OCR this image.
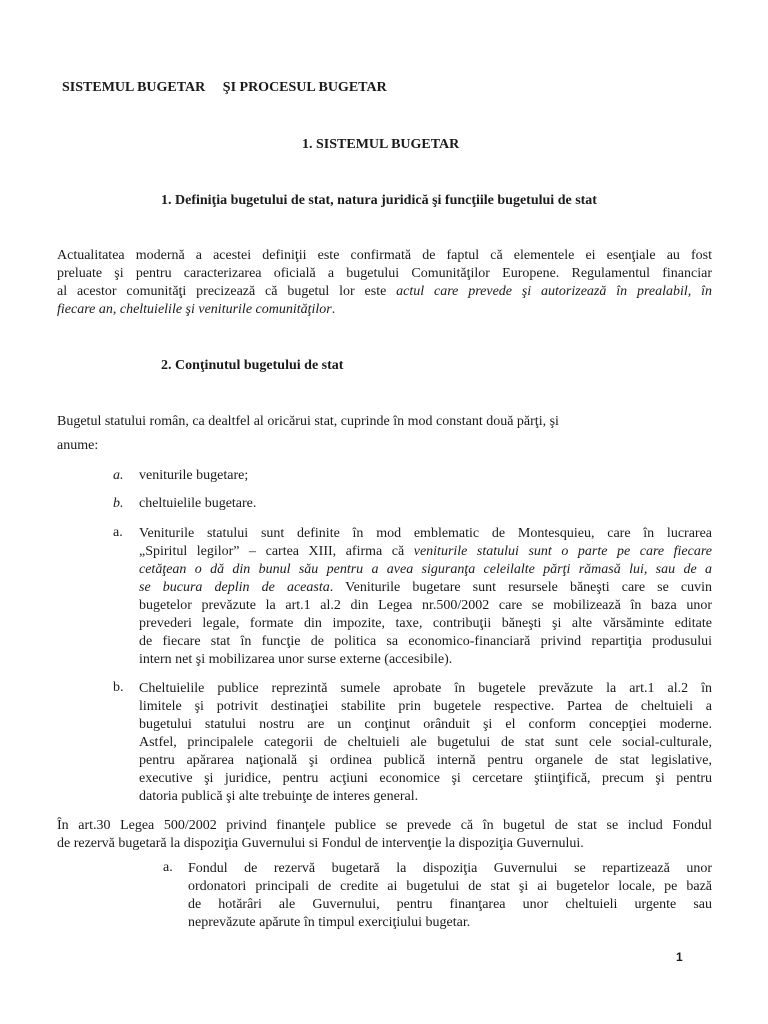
SISTEMUL BUGETAR     ŞI PROCESUL BUGETAR
1. SISTEMUL BUGETAR
1. Definiţia bugetului de stat, natura juridică şi funcţiile bugetului de stat
Actualitatea modernă a acestei definiţii este confirmată de faptul că elementele ei esenţiale au fost
preluate şi pentru caracterizarea oficială a bugetului Comunităţilor Europene. Regulamentul financiar
al acestor comunităţi precizează că bugetul lor este actul care prevede şi autorizează în prealabil, în
fiecare an, cheltuielile şi veniturile comunităţilor.
2. Conţinutul bugetului de stat
Bugetul statului român, ca dealtfel al oricărui stat, cuprinde în mod constant două părţi, şi
anume:
a. veniturile bugetare;
b. cheltuielile bugetare.
a. Veniturile statului sunt definite în mod emblematic de Montesquieu, care în lucrarea
„Spiritul legilor” – cartea XIII, afirma că veniturile statului sunt o parte pe care fiecare
cetăţean o dă din bunul său pentru a avea siguranţa celeilalte părţi rămasă lui, sau de a
se bucura deplin de aceasta. Veniturile bugetare sunt resursele băneşti care se cuvin
bugetelor prevăzute la art.1 al.2 din Legea nr.500/2002 care se mobilizează în baza unor
prevederi legale, formate din impozite, taxe, contribuţii băneşti şi alte vărsăminte editate
de fiecare stat în funcţie de politica sa economico-financiară privind repartiţia produsului
intern net şi mobilizarea unor surse externe (accesibile).
b. Cheltuielile publice reprezintă sumele aprobate în bugetele prevăzute la art.1 al.2 în
limitele şi potrivit destinaţiei stabilite prin bugetele respective. Partea de cheltuieli a
bugetului statului nostru are un conţinut orânduit şi el conform concepţiei moderne.
Astfel, principalele categorii de cheltuieli ale bugetului de stat sunt cele social-culturale,
pentru apărarea naţională şi ordinea publică internă pentru organele de stat legislative,
executive şi juridice, pentru acţiuni economice şi cercetare ştiinţifică, precum şi pentru
datoria publică şi alte trebuinţe de interes general.
În art.30 Legea 500/2002 privind finanţele publice se prevede că în bugetul de stat se includ Fondul
de rezervă bugetară la dispoziţia Guvernului si Fondul de intervenţie la dispoziţia Guvernului.
a. Fondul de rezervă bugetară la dispoziţia Guvernului se repartizează unor
ordonatori principali de credite ai bugetului de stat şi ai bugetelor locale, pe bază
de hotărâri ale Guvernului, pentru finanţarea unor cheltuieli urgente sau
neprevăzute apărute în timpul exerciţiului bugetar.
1
